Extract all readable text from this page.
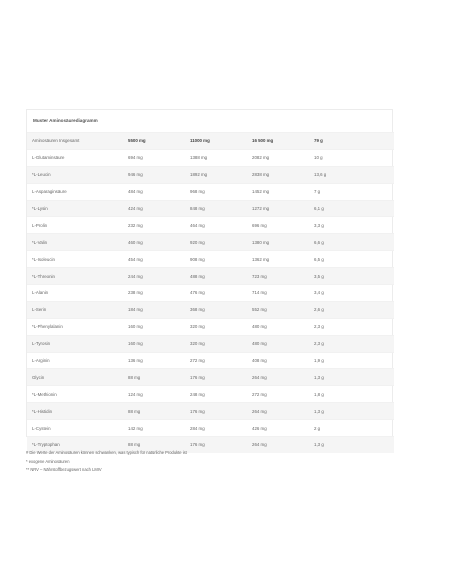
Muster Aminosäurediagramm
Aminosäuren Insgesamt	5500 mg	11000 mg	16 500 mg	79 g
L-Glutaminsäure	694 mg	1388 mg	2082 mg	10 g
*L-Leucin	946 mg	1892 mg	2838 mg	13,6 g
L-Asparaginsäure	484 mg	968 mg	1452 mg	7 g
*L-Lysin	424 mg	848 mg	1272 mg	6,1 g
L-Prolin	232 mg	464 mg	696 mg	3,3 g
*L-Valin	460 mg	920 mg	1380 mg	6,6 g
*L-Isoleucin	454 mg	908 mg	1362 mg	6,5 g
*L-Threonin	244 mg	488 mg	723 mg	3,5 g
L-Alanin	238 mg	476 mg	714 mg	3,4 g
L-Serin	184 mg	368 mg	552 mg	2,6 g
*L-Phenylalanin	160 mg	320 mg	480 mg	2,3 g
L-Tyrosin	160 mg	320 mg	480 mg	2,3 g
L-Arginin	136 mg	272 mg	408 mg	1,9 g
Glycin	88 mg	176 mg	264 mg	1,3 g
*L-Methionin	124 mg	248 mg	272 mg	1,8 g
*L-Histidin	88 mg	176 mg	264 mg	1,3 g
L-Cystein	142 mg	284 mg	426 mg	2 g
*L-Tryptophan	88 mg	176 mg	264 mg	1,3 g
# Die Werte der Aminosäuren können schwanken, was typisch für natürliche Produkte ist
* exogene Aminosäuren
** NRV – Nährstoffbezugswert nach LMIV
